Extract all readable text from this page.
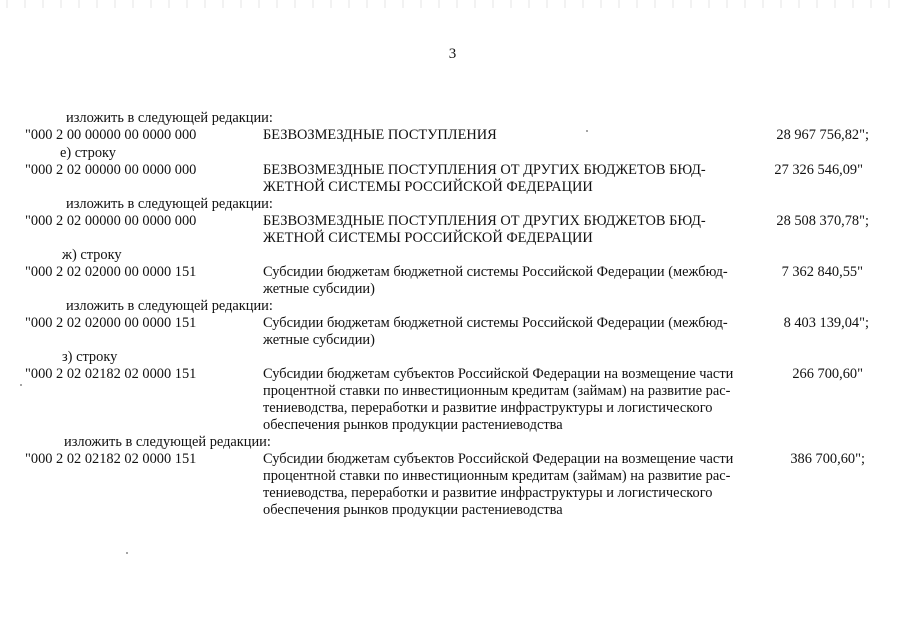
3
изложить в следующей редакции:
"000 2 00 00000 00 0000 000	БЕЗВОЗМЕЗДНЫЕ ПОСТУПЛЕНИЯ	28 967 756,82";
е) строку
"000 2 02 00000 00 0000 000	БЕЗВОЗМЕЗДНЫЕ ПОСТУПЛЕНИЯ ОТ ДРУГИХ БЮДЖЕТОВ БЮД-
ЖЕТНОЙ СИСТЕМЫ РОССИЙСКОЙ ФЕДЕРАЦИИ
27 326 546,09"
изложить в следующей редакции:
"000 2 02 00000 00 0000 000	БЕЗВОЗМЕЗДНЫЕ ПОСТУПЛЕНИЯ ОТ ДРУГИХ БЮДЖЕТОВ БЮД-
ЖЕТНОЙ СИСТЕМЫ РОССИЙСКОЙ ФЕДЕРАЦИИ
28 508 370,78";
ж) строку
"000 2 02 02000 00 0000 151	Субсидии бюджетам бюджетной системы Российской Федерации (межбюд-
жетные субсидии)
7 362 840,55"
изложить в следующей редакции:
"000 2 02 02000 00 0000 151	Субсидии бюджетам бюджетной системы Российской Федерации (межбюд-
жетные субсидии)
8 403 139,04";
з) строку
"000 2 02 02182 02 0000 151	Субсидии бюджетам субъектов Российской Федерации на возмещение части
процентной ставки по инвестиционным кредитам (займам) на развитие рас-
тениеводства, переработки и развитие инфраструктуры и логистического
обеспечения рынков продукции растениеводства
266 700,60"
изложить в следующей редакции:
"000 2 02 02182 02 0000 151	Субсидии бюджетам субъектов Российской Федерации на возмещение части
процентной ставки по инвестиционным кредитам (займам) на развитие рас-
тениеводства, переработки и развитие инфраструктуры и логистического
обеспечения рынков продукции растениеводства
386 700,60";
